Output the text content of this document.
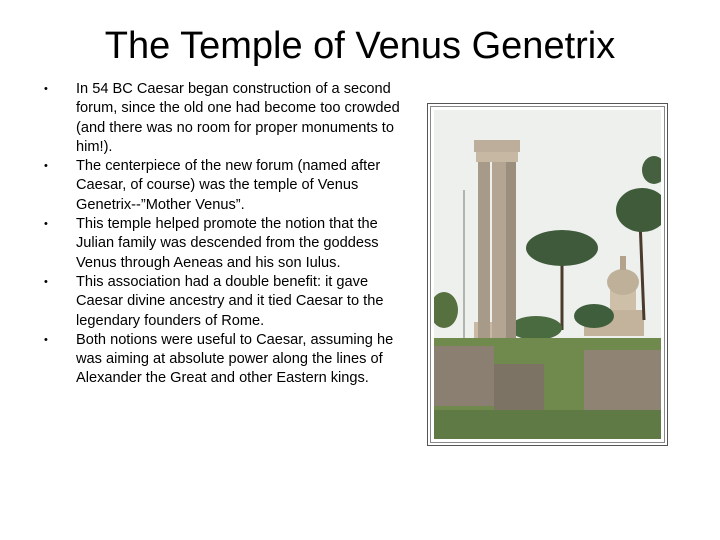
The Temple of Venus Genetrix
•	In 54 BC Caesar began construction of a second forum, since the old one had become too crowded (and there was no room for proper monuments to him!).
•	The centerpiece of the new forum (named after Caesar, of course) was the temple of Venus Genetrix--”Mother Venus”.
•	This temple helped promote the notion that the Julian family was descended from the goddess Venus through Aeneas and his son Iulus.
•	This association had a double benefit: it gave Caesar divine ancestry and it tied Caesar to the legendary founders of Rome.
•	Both notions were useful to Caesar, assuming he was aiming at absolute power along the lines of Alexander the Great and other Eastern kings.
